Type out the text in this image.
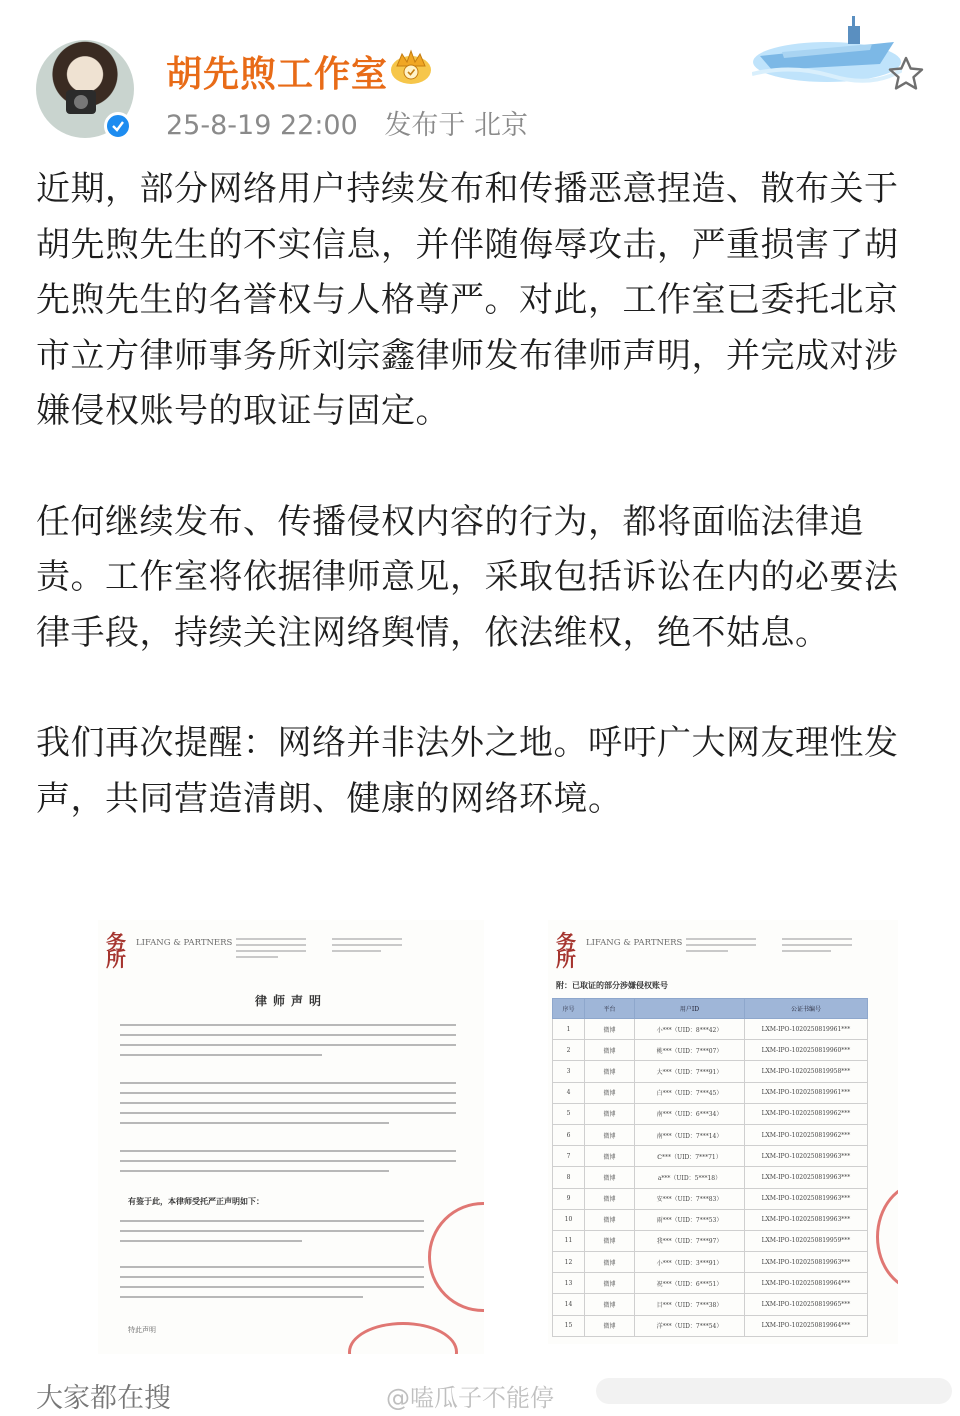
胡先煦工作室
25-8-19 22:00 发布于 北京

近期，部分网络用户持续发布和传播恶意捏造、散布关于胡先煦先生的不实信息，并伴随侮辱攻击，严重损害了胡先煦先生的名誉权与人格尊严。对此，工作室已委托北京市立方律师事务所刘宗鑫律师发布律师声明，并完成对涉嫌侵权账号的取证与固定。

任何继续发布、传播侵权内容的行为，都将面临法律追责。工作室将依据律师意见，采取包括诉讼在内的必要法律手段，持续关注网络舆情，依法维权，绝不姑息。

我们再次提醒：网络并非法外之地。呼吁广大网友理性发声，共同营造清朗、健康的网络环境。

务所
LIFANG & PARTNERS
律师声明
有鉴于此，本律师受托严正声明如下：
特此声明
务所
LIFANG & PARTNERS
附：已取证的部分涉嫌侵权账号
序号	平台	用户ID	公证书编号
1	微博	小***（UID：8***42）	LXM-IPO-1020250819961***
2	微博	桃***（UID：7***07）	LXM-IPO-1020250819960***
3	微博	大***（UID：7***91）	LXM-IPO-1020250819958***
4	微博	白***（UID：7***45）	LXM-IPO-1020250819961***
5	微博	南***（UID：6***34）	LXM-IPO-1020250819962***
6	微博	南***（UID：7***14）	LXM-IPO-1020250819962***
7	微博	ℂ***（UID：7***71）	LXM-IPO-1020250819963***
8	微博	a***（UID：5***18）	LXM-IPO-1020250819963***
9	微博	安***（UID：7***83）	LXM-IPO-1020250819963***
10	微博	雨***（UID：7***53）	LXM-IPO-1020250819963***
11	微博	我***（UID：7***97）	LXM-IPO-1020250819959***
12	微博	小***（UID：3***91）	LXM-IPO-1020250819963***
13	微博	祝***（UID：6***51）	LXM-IPO-1020250819964***
14	微博	目***（UID：7***38）	LXM-IPO-1020250819965***
15	微博	洋***（UID：7***54）	LXM-IPO-1020250819964***
大家都在搜	@嗑瓜子不能停
